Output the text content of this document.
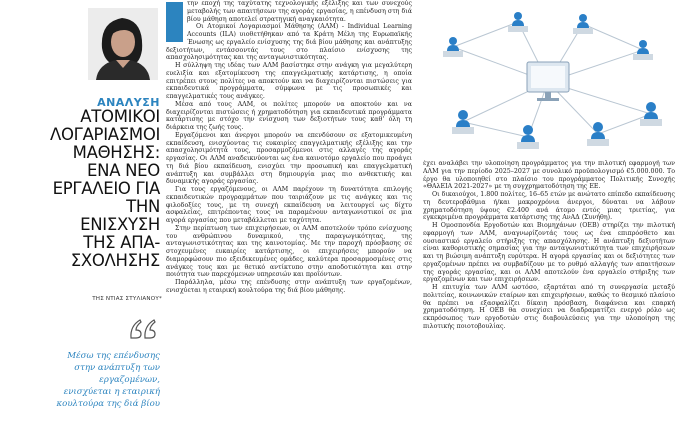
ΑΝΑΛΥΣΗ
ΑΤΟΜΙΚΟΙ ΛΟΓΑΡΙΑΣΜΟΙ ΜΑΘΗΣΗΣ: ΕΝΑ ΝΕΟ ΕΡΓΑΛΕΙΟ ΓΙΑ ΤΗΝ ΕΝΙΣΧΥΣΗ ΤΗΣ ΑΠΑ- ΣΧΟΛΗΣΗΣ
ΤΗΣ ΝΤΙΑΣ ΣΤΥΛΙΑΝΟΥ*
Μέσω της επένδυσης στην ανάπτυξη των εργαζομένων, ενισχύεται η εταιρική κουλτούρα της διά βίου

την εποχή της ταχύτατης τεχνολογικής εξέλιξης και των συνεχούς μεταβολής των απαιτήσεων της αγοράς εργασίας, η επένδυση στη διά βίου μάθηση αποτελεί στρατηγική αναγκαιότητα.

Οι Ατομικοί Λογαριασμοί Μάθησης (ΑΛΜ) - Individual Learning Accounts (ILA) υιοθετήθηκαν από τα Κράτη Μέλη της Ευρωπαϊκής Ένωσης ως εργαλείο ενίσχυσης της διά βίου μάθησης και ανάπτυξης δεξιοτήτων, εντάσσοντάς τους στο πλαίσιο ενίσχυσης της απασχολησιμότητας και της ανταγωνιστικότητας.

Η σύλληψη της ιδέας των ΑΛΜ βασίστηκε στην ανάγκη για μεγαλύτερη ευελιξία και εξατομίκευση της επαγγελματικής κατάρτισης, η οποία επιτρέπει στους πολίτες να αποκτούν και να διαχειρίζονται πιστώσεις για εκπαιδευτικά προγράμματα, σύμφωνα με τις προσωπικές και επαγγελματικές τους ανάγκες.

Μέσα από τους ΑΛΜ, οι πολίτες μπορούν να αποκτούν και να διαχειρίζονται πιστώσεις ή χρηματοδότηση για εκπαιδευτικά προγράμματα κατάρτισης με στόχο την ενίσχυση των δεξιοτήτων τους καθ' όλη τη διάρκεια της ζωής τους.

Εργαζόμενοι και άνεργοι μπορούν να επενδύσουν σε εξατομικευμένη εκπαίδευση, ενισχύοντας τις ευκαιρίες επαγγελματικής εξέλιξης και την απασχολησιμότητά τους, προσαρμοζόμενοι στις αλλαγές της αγοράς εργασίας. Οι ΑΛΜ αναδεικνύονται ως ένα καινοτόμο εργαλείο που προάγει τη διά βίου εκπαίδευση, ενισχύει την προσωπική και επαγγελματική ανάπτυξη και συμβάλλει στη δημιουργία μιας πιο ανθεκτικής και δυναμικής αγοράς εργασίας.

Για τους εργαζόμενους, οι ΑΛΜ παρέχουν τη δυνατότητα επιλογής εκπαιδευτικών προγραμμάτων που ταιριάζουν με τις ανάγκες και τις φιλοδοξίες τους, με τη συνεχή εκπαίδευση να λειτουργεί ως δίχτυ ασφαλείας, επιτρέποντας τους να παραμένουν ανταγωνιστικοί σε μια αγορά εργασίας που μεταβάλλεται με ταχύτητα.

Στην περίπτωση των επιχειρήσεων, οι ΑΛΜ αποτελούν τρόπο ενίσχυσης του ανθρώπινου δυναμικού, της παραγωγικότητας, της ανταγωνιστικότητας και της καινοτομίας. Με την παροχή πρόσβασης σε στοχευμένες ευκαιρίες κατάρτισης, οι επιχειρήσεις μπορούν να διαμορφώσουν πιο εξειδικευμένες ομάδες, καλύτερα προσαρμοσμένες στις ανάγκες τους και με θετικό αντίκτυπο στην αποδοτικότητα και στην ποιότητα των παρεχόμενων υπηρεσιών και προϊόντων.

Παράλληλα, μέσω της επένδυσης στην ανάπτυξη των εργαζομένων, ενισχύεται η εταιρική κουλτούρα της διά βίου μάθησης.

έχει αναλάβει την υλοποίηση προγράμματος για την πιλοτική εφαρμογή των ΑΛΜ για την περίοδο 2025–2027 με συνολικό προϋπολογισμό €5.000.000. Το έργο θα υλοποιηθεί στο πλαίσιο του προγράμματος Πολιτικής Συνοχής «ΘΑλΕΙΑ 2021-2027» με τη συγχρηματοδότηση της ΕΕ.

Οι δικαιούχοι, 1.800 πολίτες, 16–65 ετών με ανώτατο επίπεδο εκπαίδευσης τη δευτεροβάθμια ή/και μακροχρόνια άνεργοι, δύναται να λάβουν χρηματοδότηση ύψους €2.400 ανά άτομο εντός μιας τριετίας, για εγκεκριμένα προγράμματα κατάρτισης της ΑνΑΔ (Συνήθη).

Η Ομοσπονδία Εργοδοτών και Βιομηχάνων (ΟΕΒ) στηρίζει την πιλοτική εφαρμογή των ΑΛΜ, αναγνωρίζοντάς τους ως ένα επιπρόσθετο και ουσιαστικό εργαλείο στήριξης της απασχόλησης. Η ανάπτυξη δεξιοτήτων είναι καθοριστικής σημασίας για την ανταγωνιστικότητα των επιχειρήσεων και τη βιώσιμη ανάπτυξη ευρύτερα. Η αγορά εργασίας και οι δεξιότητες των εργαζομένων πρέπει να συμβαδίζουν με το ρυθμό αλλαγής των απαιτήσεων της αγοράς εργασίας, και οι ΑΛΜ αποτελούν ένα εργαλείο στήριξης των εργαζομένων και των επιχειρήσεων.

Η επιτυχία των ΑΛΜ ωστόσο, εξαρτάται από τη συνεργασία μεταξύ πολιτείας, κοινωνικών εταίρων και επιχειρήσεων, καθώς το θεσμικό πλαίσιο θα πρέπει να εξασφαλίζει δίκαιη πρόσβαση, διαφάνεια και επαρκή χρηματοδότηση. Η ΟΕΒ θα συνεχίσει να διαδραματίζει ενεργό ρόλο ως εκπρόσωπος των εργοδοτών στις διαβουλεύσεις για την υλοποίηση της πιλοτικής ποιοτοβουλίας.
